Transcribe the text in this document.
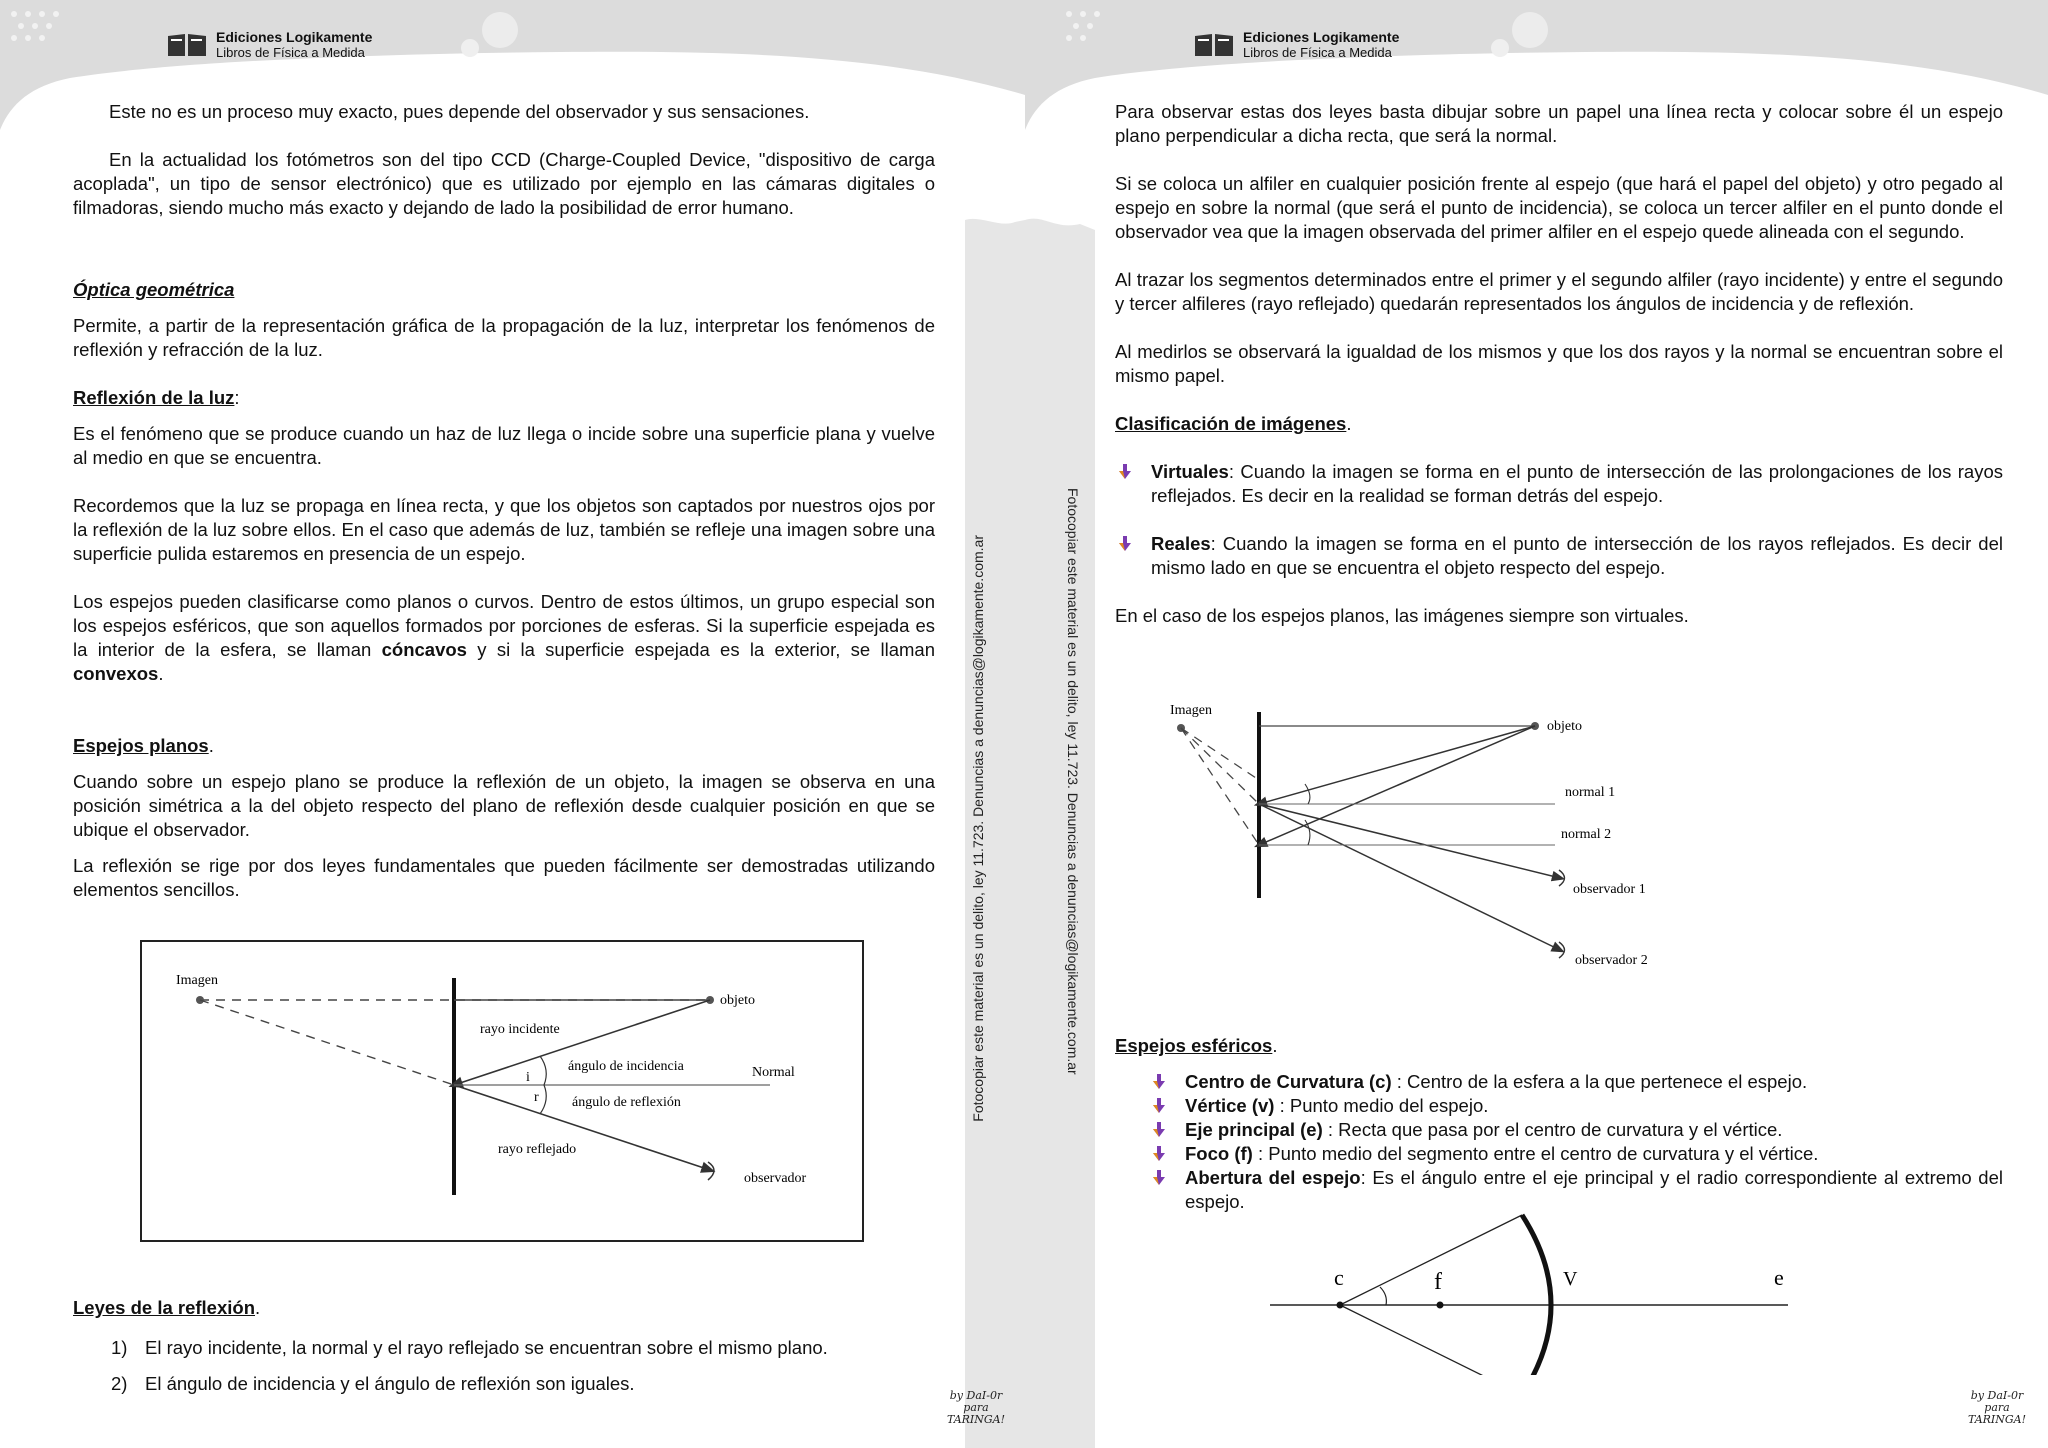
Ediciones Logikamente
Libros de Física a Medida

Este no es un proceso muy exacto, pues depende del observador y sus sensaciones.

En la actualidad los fotómetros son del tipo CCD (Charge-Coupled Device, "dispositivo de carga acoplada", un tipo de sensor electrónico) que es utilizado por ejemplo en las cámaras digitales o filmadoras, siendo mucho más exacto y dejando de lado la posibilidad de error humano.

Óptica geométrica

Permite, a partir de la representación gráfica de la propagación de la luz, interpretar los fenómenos de reflexión y refracción de la luz.

Reflexión de la luz:

Es el fenómeno que se produce cuando un haz de luz llega o incide sobre una superficie plana y vuelve al medio en que se encuentra.

Recordemos que la luz se propaga en línea recta, y que los objetos son captados por nuestros ojos por la reflexión de la luz sobre ellos. En el caso que además de luz, también se refleje una imagen sobre una superficie pulida estaremos en presencia de un espejo.

Los espejos pueden clasificarse como planos o curvos. Dentro de estos últimos, un grupo especial son los espejos esféricos, que son aquellos formados por porciones de esferas. Si la superficie espejada es la interior de la esfera, se llaman cóncavos y si la superficie espejada es la exterior, se llaman convexos.

Espejos planos.

Cuando sobre un espejo plano se produce la reflexión de un objeto, la imagen se observa en una posición simétrica a la del objeto respecto del plano de reflexión desde cualquier posición en que se ubique el observador.

La reflexión se rige por dos leyes fundamentales que pueden fácilmente ser demostradas utilizando elementos sencillos.

Imagen
objeto
rayo incidente
ángulo de incidencia	Normal
i
r ángulo de reflexión
rayo reflejado
observador
Leyes de la reflexión.
1) El rayo incidente, la normal y el rayo reflejado se encuentran sobre el mismo plano.
2) El ángulo de incidencia y el ángulo de reflexión son iguales.
Fotocopiar este material es un delito, ley 11.723. Denuncias a denuncias@logikamente.com.ar
by DaI-0r
para
TARINGA!
Ediciones Logikamente
Libros de Física a Medida
Fotocopiar este material es un delito, ley 11.723. Denuncias a denuncias@logikamente.com.ar

Para observar estas dos leyes basta dibujar sobre un papel una línea recta y colocar sobre él un espejo plano perpendicular a dicha recta, que será la normal.

Si se coloca un alfiler en cualquier posición frente al espejo (que hará el papel del objeto) y otro pegado al espejo en sobre la normal (que será el punto de incidencia), se coloca un tercer alfiler en el punto donde el observador vea que la imagen observada del primer alfiler en el espejo quede alineada con el segundo.

Al trazar los segmentos determinados entre el primer y el segundo alfiler (rayo incidente) y entre el segundo y tercer alfileres (rayo reflejado) quedarán representados los ángulos de incidencia y de reflexión.

Al medirlos se observará la igualdad de los mismos y que los dos rayos y la normal se encuentran sobre el mismo papel.

Clasificación de imágenes.
Virtuales: Cuando la imagen se forma en el punto de intersección de las prolongaciones de los rayos reflejados. Es decir en la realidad se forman detrás del espejo.
Reales: Cuando la imagen se forma en el punto de intersección de los rayos reflejados. Es decir del mismo lado en que se encuentra el objeto respecto del espejo.

En el caso de los espejos planos, las imágenes siempre son virtuales.

Imagen
objeto
normal 1
normal 2
observador 1
observador 2
Espejos esféricos.
Centro de Curvatura (c) : Centro de la esfera a la que pertenece el espejo.
Vértice (v) : Punto medio del espejo.
Eje principal (e) : Recta que pasa por el centro de curvatura y el vértice.
Foco (f) : Punto medio del segmento entre el centro de curvatura y el vértice.
Abertura del espejo: Es el ángulo entre el eje principal y el radio correspondiente al extremo del espejo.
c	f	V	e
by DaI-0r
para
TARINGA!
